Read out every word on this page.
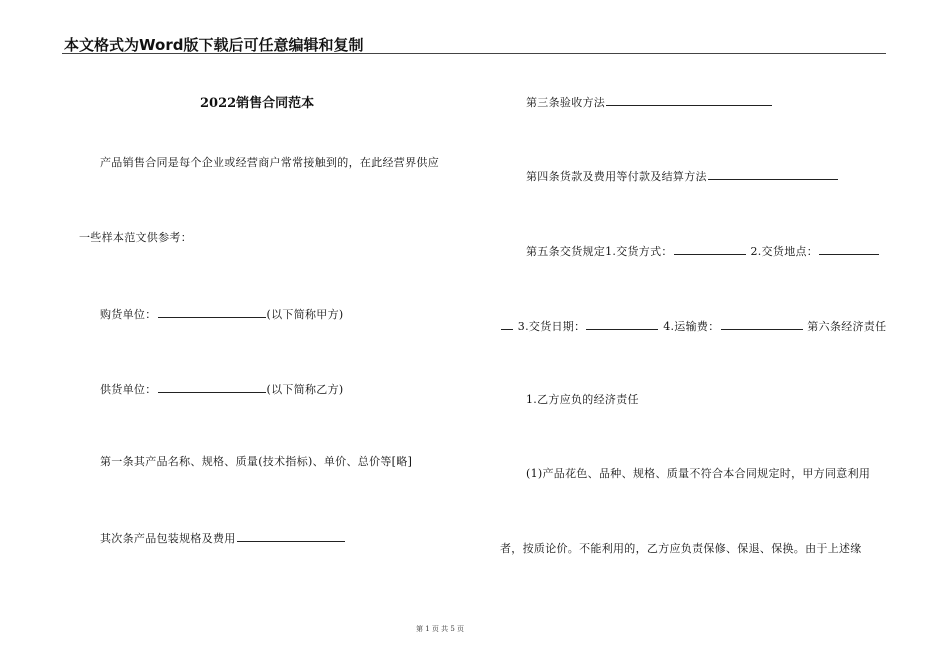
本文格式为Word版下载后可任意编辑和复制
2022销售合同范本
产品销售合同是每个企业或经营商户常常接触到的，在此经营界供应
一些样本范文供参考：
购货单位：	(以下简称甲方)
供货单位：	(以下简称乙方)
第一条其产品名称、规格、质量(技术指标)、单价、总价等[略]
其次条产品包装规格及费用
第三条验收方法
第四条货款及费用等付款及结算方法
第五条交货规定1.交货方式：	2.交货地点：
3.交货日期：	4.运输费：	第六条经济责任
1.乙方应负的经济责任
(1)产品花色、品种、规格、质量不符合本合同规定时，甲方同意利用
者，按质论价。不能利用的，乙方应负责保修、保退、保换。由于上述缘
第 1 页 共 5 页
